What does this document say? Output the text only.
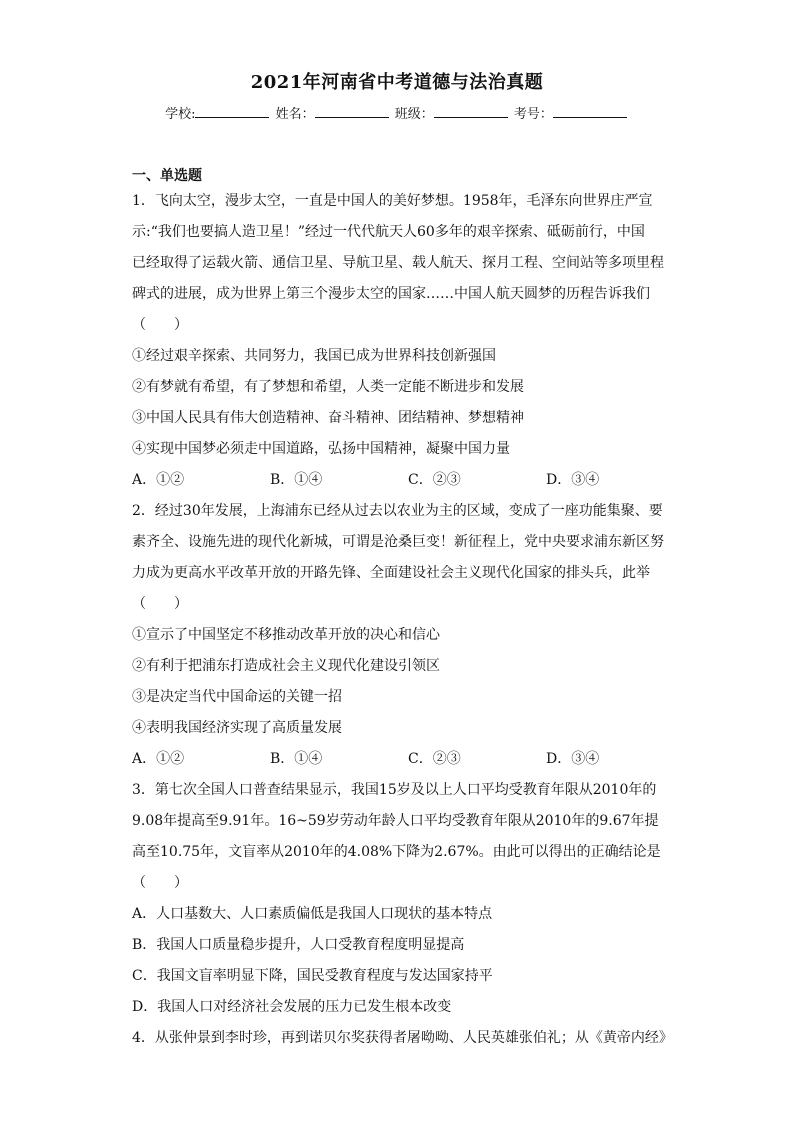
2021年河南省中考道德与法治真题
学校:	姓名：	班级：	考号：
一、单选题
1．飞向太空，漫步太空，一直是中国人的美好梦想。1958年，毛泽东向世界庄严宣
示:“我们也要搞人造卫星！”经过一代代航天人60多年的艰辛探索、砥砺前行，中国
已经取得了运载火箭、通信卫星、导航卫星、载人航天、探月工程、空间站等多项里程
碑式的进展，成为世界上第三个漫步太空的国家……中国人航天圆梦的历程告诉我们
（　　）
①经过艰辛探索、共同努力，我国已成为世界科技创新强国
②有梦就有希望，有了梦想和希望，人类一定能不断进步和发展
③中国人民具有伟大创造精神、奋斗精神、团结精神、梦想精神
④实现中国梦必须走中国道路，弘扬中国精神，凝聚中国力量
A．①②	B．①④	C．②③	D．③④
2．经过30年发展，上海浦东已经从过去以农业为主的区域，变成了一座功能集聚、要
素齐全、设施先进的现代化新城，可谓是沧桑巨变！新征程上，党中央要求浦东新区努
力成为更高水平改革开放的开路先锋、全面建设社会主义现代化国家的排头兵，此举
（　　）
①宣示了中国坚定不移推动改革开放的决心和信心
②有利于把浦东打造成社会主义现代化建设引领区
③是决定当代中国命运的关键一招
④表明我国经济实现了高质量发展
A．①②	B．①④	C．②③	D．③④
3．第七次全国人口普查结果显示，我国15岁及以上人口平均受教育年限从2010年的
9.08年提高至9.91年。16~59岁劳动年龄人口平均受教育年限从2010年的9.67年提
高至10.75年，文盲率从2010年的4.08%下降为2.67%。由此可以得出的正确结论是
（　　）
A．人口基数大、人口素质偏低是我国人口现状的基本特点
B．我国人口质量稳步提升，人口受教育程度明显提高
C．我国文盲率明显下降，国民受教育程度与发达国家持平
D．我国人口对经济社会发展的压力已发生根本改变
4．从张仲景到李时珍，再到诺贝尔奖获得者屠呦呦、人民英雄张伯礼；从《黄帝内经》
